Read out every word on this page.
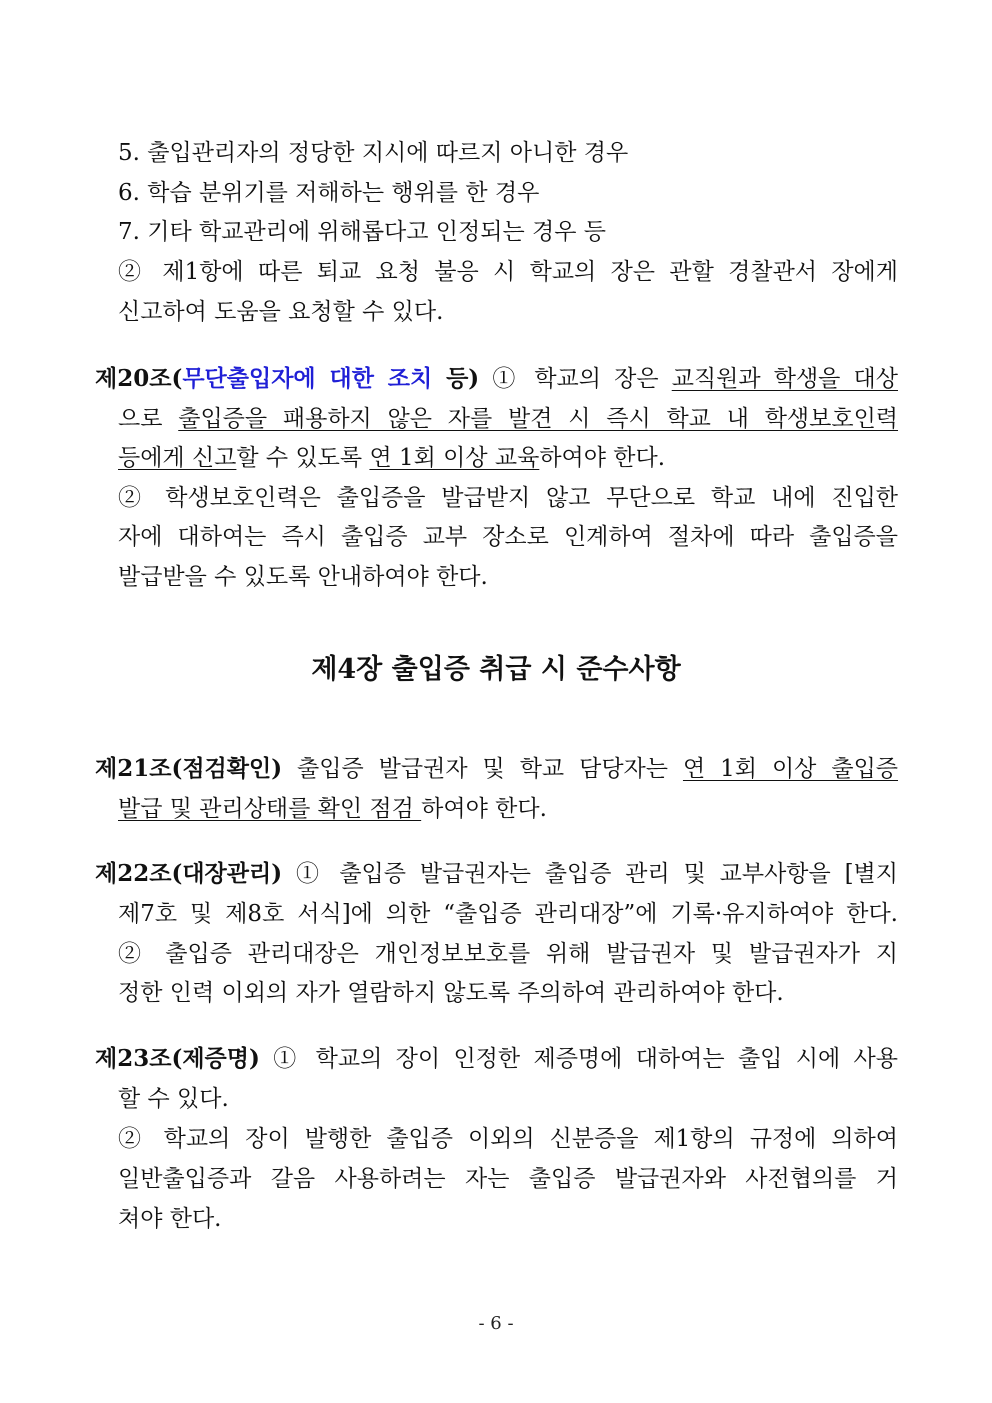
5. 출입관리자의 정당한 지시에 따르지 아니한 경우
6. 학습 분위기를 저해하는 행위를 한 경우
7. 기타 학교관리에 위해롭다고 인정되는 경우 등
② 제1항에 따른 퇴교 요청 불응 시 학교의 장은 관할 경찰관서 장에게
신고하여 도움을 요청할 수 있다.
제20조(무단출입자에 대한 조치 등) ① 학교의 장은 교직원과 학생을 대상
으로 출입증을 패용하지 않은 자를 발견 시 즉시 학교 내 학생보호인력
등에게 신고할 수 있도록 연 1회 이상 교육하여야 한다.
② 학생보호인력은 출입증을 발급받지 않고 무단으로 학교 내에 진입한
자에 대하여는 즉시 출입증 교부 장소로 인계하여 절차에 따라 출입증을
발급받을 수 있도록 안내하여야 한다.
제4장 출입증 취급 시 준수사항
제21조(점검확인) 출입증 발급권자 및 학교 담당자는 연 1회 이상 출입증
발급 및 관리상태를 확인 점검 하여야 한다.
제22조(대장관리) ① 출입증 발급권자는 출입증 관리 및 교부사항을 [별지
제7호 및 제8호 서식]에 의한 “출입증 관리대장”에 기록·유지하여야 한다.
② 출입증 관리대장은 개인정보보호를 위해 발급권자 및 발급권자가 지
정한 인력 이외의 자가 열람하지 않도록 주의하여 관리하여야 한다.
제23조(제증명) ① 학교의 장이 인정한 제증명에 대하여는 출입 시에 사용
할 수 있다.
② 학교의 장이 발행한 출입증 이외의 신분증을 제1항의 규정에 의하여
일반출입증과 갈음 사용하려는 자는 출입증 발급권자와 사전협의를 거
쳐야 한다.
- 6 -
